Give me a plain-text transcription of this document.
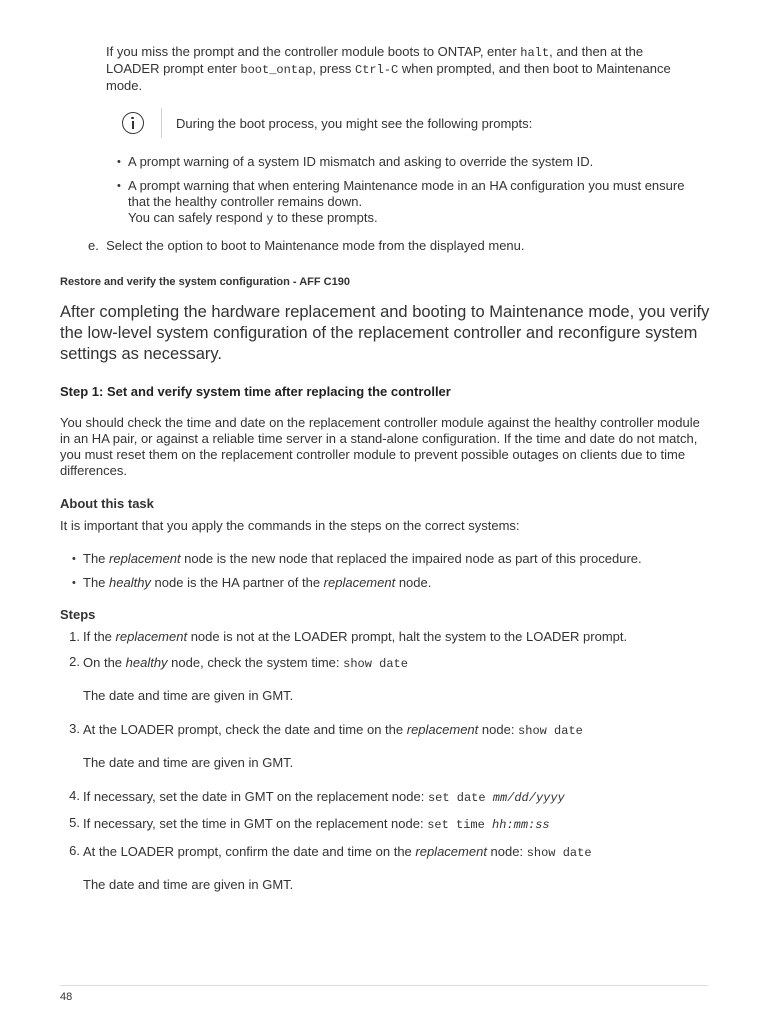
If you miss the prompt and the controller module boots to ONTAP, enter halt, and then at the
LOADER prompt enter boot_ontap, press Ctrl-C when prompted, and then boot to Maintenance
mode.
During the boot process, you might see the following prompts:
• A prompt warning of a system ID mismatch and asking to override the system ID.
• A prompt warning that when entering Maintenance mode in an HA configuration you must ensure
that the healthy controller remains down.
You can safely respond y to these prompts.
e. Select the option to boot to Maintenance mode from the displayed menu.
Restore and verify the system configuration - AFF C190
After completing the hardware replacement and booting to Maintenance mode, you verify the low-level system configuration of the replacement controller and reconfigure system settings as necessary.
Step 1: Set and verify system time after replacing the controller
You should check the time and date on the replacement controller module against the healthy controller module in an HA pair, or against a reliable time server in a stand-alone configuration. If the time and date do not match, you must reset them on the replacement controller module to prevent possible outages on clients due to time differences.
About this task
It is important that you apply the commands in the steps on the correct systems:
• The replacement node is the new node that replaced the impaired node as part of this procedure.
• The healthy node is the HA partner of the replacement node.
Steps
1. If the replacement node is not at the LOADER prompt, halt the system to the LOADER prompt.
2. On the healthy node, check the system time: show date
The date and time are given in GMT.
3. At the LOADER prompt, check the date and time on the replacement node: show date
The date and time are given in GMT.
4. If necessary, set the date in GMT on the replacement node: set date mm/dd/yyyy
5. If necessary, set the time in GMT on the replacement node: set time hh:mm:ss
6. At the LOADER prompt, confirm the date and time on the replacement node: show date
The date and time are given in GMT.
48
